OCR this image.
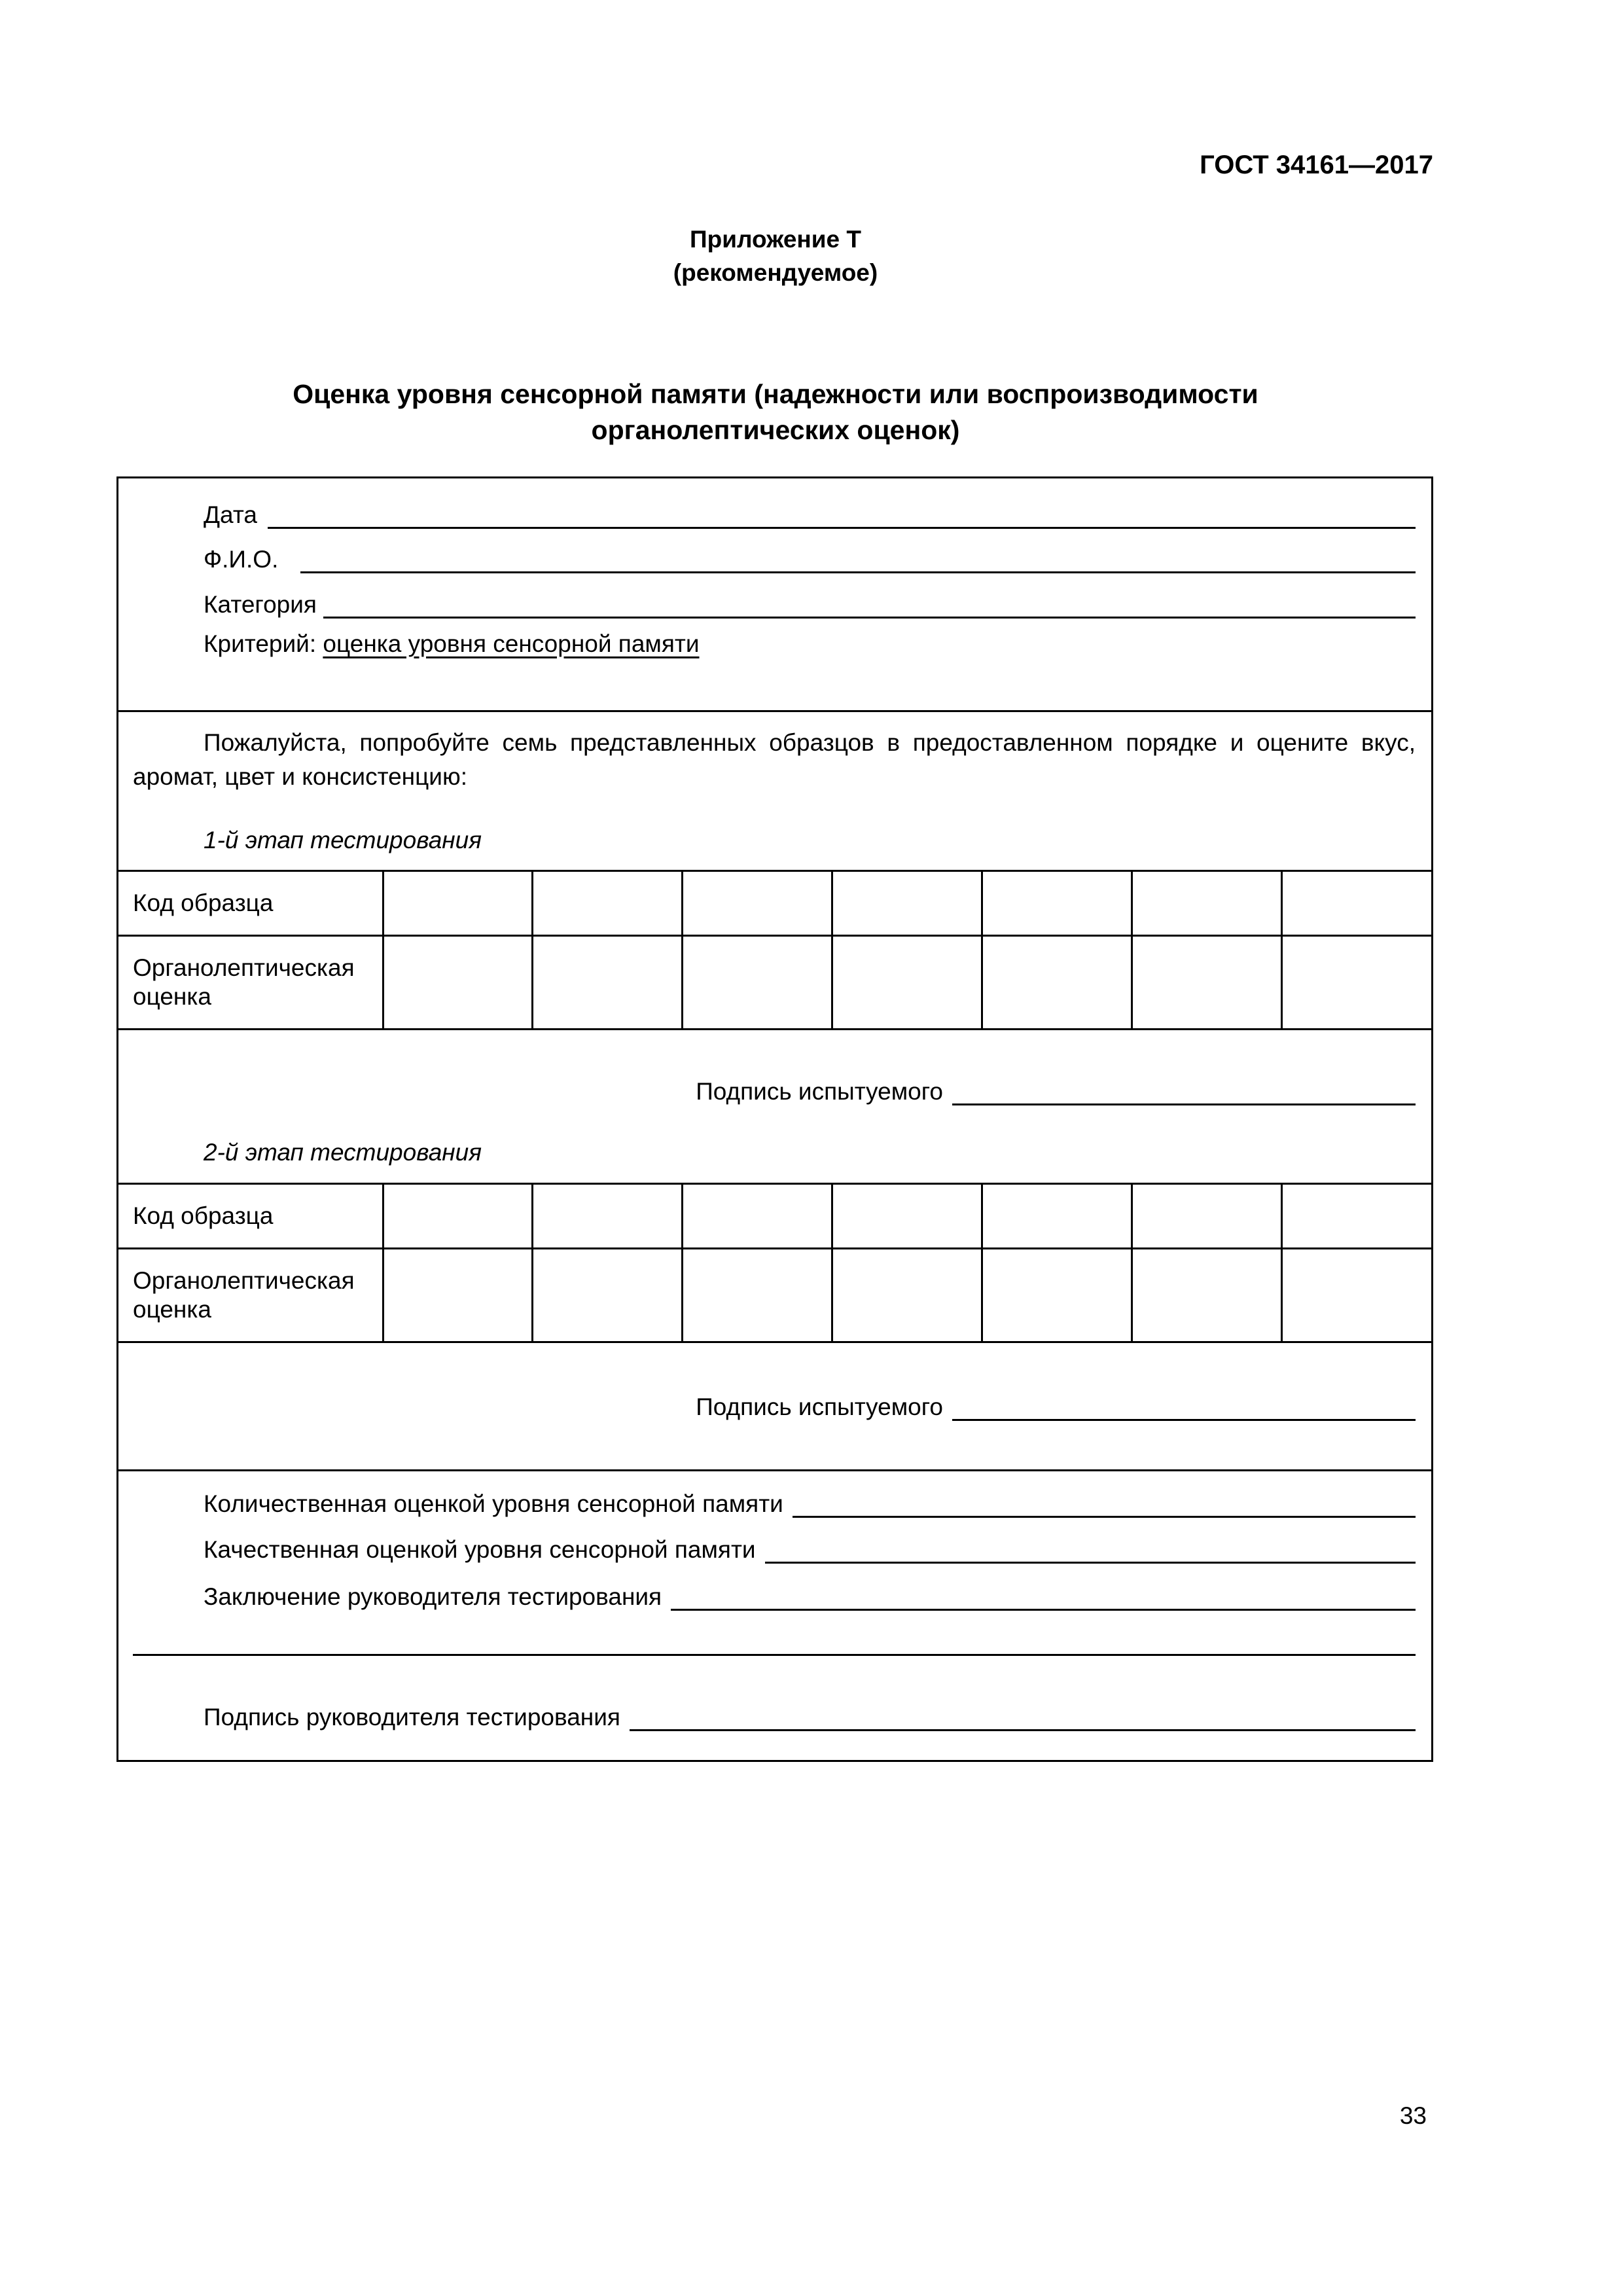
ГОСТ 34161—2017
Приложение Т
(рекомендуемое)
Оценка уровня сенсорной памяти (надежности или воспроизводимости
органолептических оценок)
Дата
Ф.И.О.
Категория
Критерий: оценка уровня сенсорной памяти
Пожалуйста, попробуйте семь представленных образцов в предоставленном порядке и оцените вкус, аромат, цвет и консистенцию:
1-й этап тестирования
Код образца							
Органолептическая оценка							
Подпись испытуемого
2-й этап тестирования
Код образца							
Органолептическая оценка							
Подпись испытуемого
Количественная оценкой уровня сенсорной памяти
Качественная оценкой уровня сенсорной памяти
Заключение руководителя тестирования
Подпись руководителя тестирования
33
